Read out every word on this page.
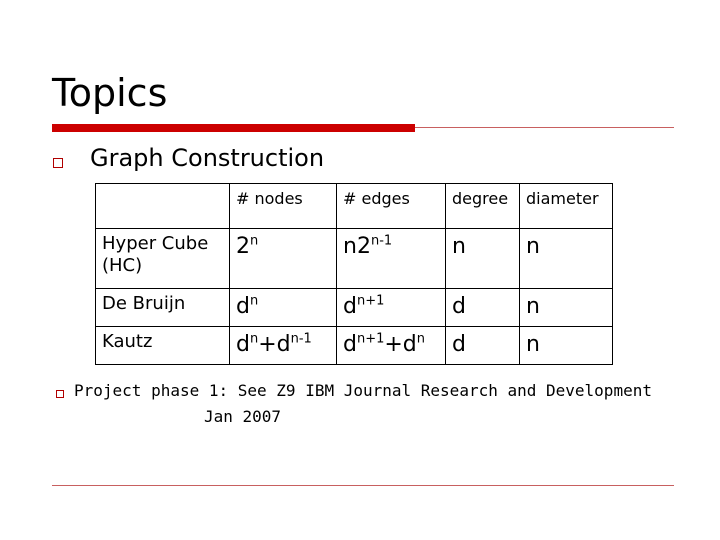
Topics
Graph Construction
	# nodes	# edges	degree	diameter
Hyper Cube
(HC)	2$^n$	n2$^{n-1}$	n	n
De Bruijn	$d^n$	$d^{n+1}$	d	n
Kautz	$d^n+d^{n-1}$	$d^{n+1}+d^n$	d	n
Project phase 1: See Z9 IBM Journal Research and Development
Jan 2007
